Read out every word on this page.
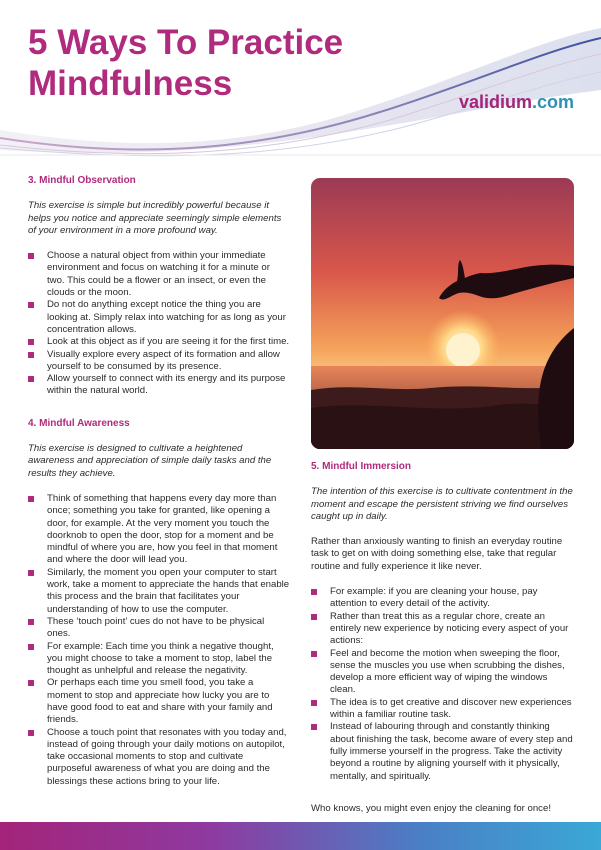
5 Ways To Practice
Mindfulness	validium.com
3. Mindful Observation

This exercise is simple but incredibly powerful because it helps you notice and appreciate seemingly simple elements of your environment in a more profound way.

Choose a natural object from within your immediate environment and focus on watching it for a minute or two. This could be a flower or an insect, or even the clouds or the moon.
Do not do anything except notice the thing you are looking at. Simply relax into watching for as long as your concentration allows.
Look at this object as if you are seeing it for the first time.
Visually explore every aspect of its formation and allow yourself to be consumed by its presence.
Allow yourself to connect with its energy and its purpose within the natural world.
4. Mindful Awareness

This exercise is designed to cultivate a heightened awareness and appreciation of simple daily tasks and the results they achieve.

Think of something that happens every day more than once; something you take for granted, like opening a door, for example. At the very moment you touch the doorknob to open the door, stop for a moment and be mindful of where you are, how you feel in that moment and where the door will lead you.
Similarly, the moment you open your computer to start work, take a moment to appreciate the hands that enable this process and the brain that facilitates your understanding of how to use the computer.
These ‘touch point’ cues do not have to be physical ones.
For example: Each time you think a negative thought, you might choose to take a moment to stop, label the thought as unhelpful and release the negativity.
Or perhaps each time you smell food, you take a moment to stop and appreciate how lucky you are to have good food to eat and share with your family and friends.
Choose a touch point that resonates with you today and, instead of going through your daily motions on autopilot, take occasional moments to stop and cultivate purposeful awareness of what you are doing and the blessings these actions bring to your life.
5. Mindful Immersion

The intention of this exercise is to cultivate contentment in the moment and escape the persistent striving we find ourselves caught up in daily.

Rather than anxiously wanting to finish an everyday routine task to get on with doing something else, take that regular routine and fully experience it like never.

For example: if you are cleaning your house, pay attention to every detail of the activity.
Rather than treat this as a regular chore, create an entirely new experience by noticing every aspect of your actions:
Feel and become the motion when sweeping the floor, sense the muscles you use when scrubbing the dishes, develop a more efficient way of wiping the windows clean.
The idea is to get creative and discover new experiences within a familiar routine task.
Instead of labouring through and constantly thinking about finishing the task, become aware of every step and fully immerse yourself in the progress. Take the activity beyond a routine by aligning yourself with it physically, mentally, and spiritually.

Who knows, you might even enjoy the cleaning for once!
